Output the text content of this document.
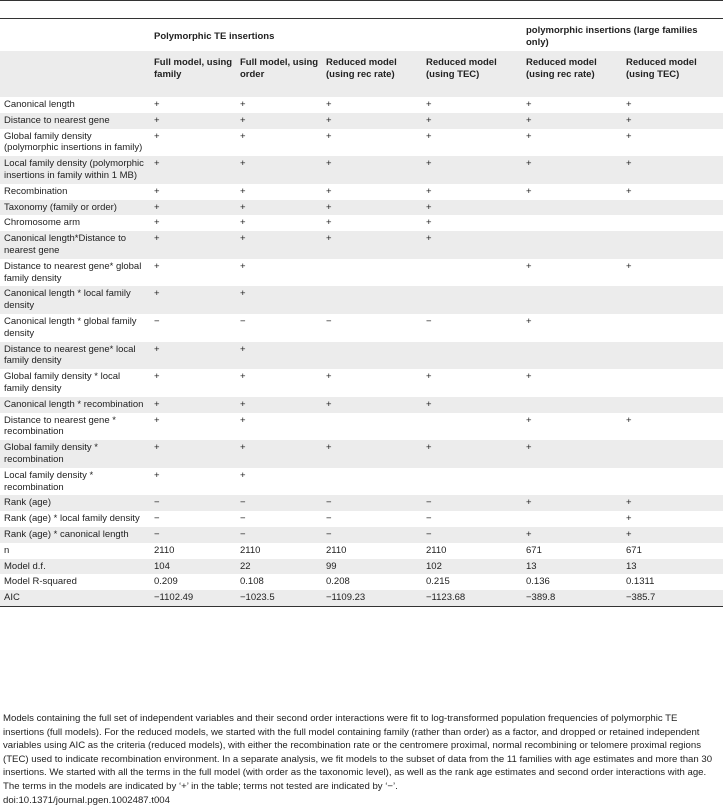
	Polymorphic TE insertions				polymorphic insertions (large families only)	
	Full model, using family	Full model, using order	Reduced model (using rec rate)	Reduced model (using TEC)	Reduced model (using rec rate)	Reduced model (using TEC)
Canonical length	+	+	+	+	+	+
Distance to nearest gene	+	+	+	+	+	+
Global family density (polymorphic insertions in family)	+	+	+	+	+	+
Local family density (polymorphic insertions in family within 1 MB)	+	+	+	+	+	+
Recombination	+	+	+	+	+	+
Taxonomy (family or order)	+	+	+	+		
Chromosome arm	+	+	+	+		
Canonical length*Distance to nearest gene	+	+	+	+		
Distance to nearest gene* global family density	+	+			+	+
Canonical length * local family density	+	+				
Canonical length * global family density	−	−	−	−	+	
Distance to nearest gene* local family density	+	+				
Global family density * local family density	+	+	+	+	+	
Canonical length * recombination	+	+	+	+		
Distance to nearest gene * recombination	+	+			+	+
Global family density * recombination	+	+	+	+	+	
Local family density * recombination	+	+				
Rank (age)	−	−	−	−	+	+
Rank (age) * local family density	−	−	−	−		+
Rank (age) * canonical length	−	−	−	−	+	+
n	2110	2110	2110	2110	671	671
Model d.f.	104	22	99	102	13	13
Model R-squared	0.209	0.108	0.208	0.215	0.136	0.1311
AIC	−1102.49	−1023.5	−1109.23	−1123.68	−389.8	−385.7
Models containing the full set of independent variables and their second order interactions were fit to log-transformed population frequencies of polymorphic TE insertions (full models). For the reduced models, we started with the full model containing family (rather than order) as a factor, and dropped or retained independent variables using AIC as the criteria (reduced models), with either the recombination rate or the centromere proximal, normal recombining or telomere proximal regions (TEC) used to indicate recombination environment. In a separate analysis, we fit models to the subset of data from the 11 families with age estimates and more than 30 insertions. We started with all the terms in the full model (with order as the taxonomic level), as well as the rank age estimates and second order interactions with age. The terms in the models are indicated by ‘+’ in the table; terms not tested are indicated by ‘−’.
doi:10.1371/journal.pgen.1002487.t004
